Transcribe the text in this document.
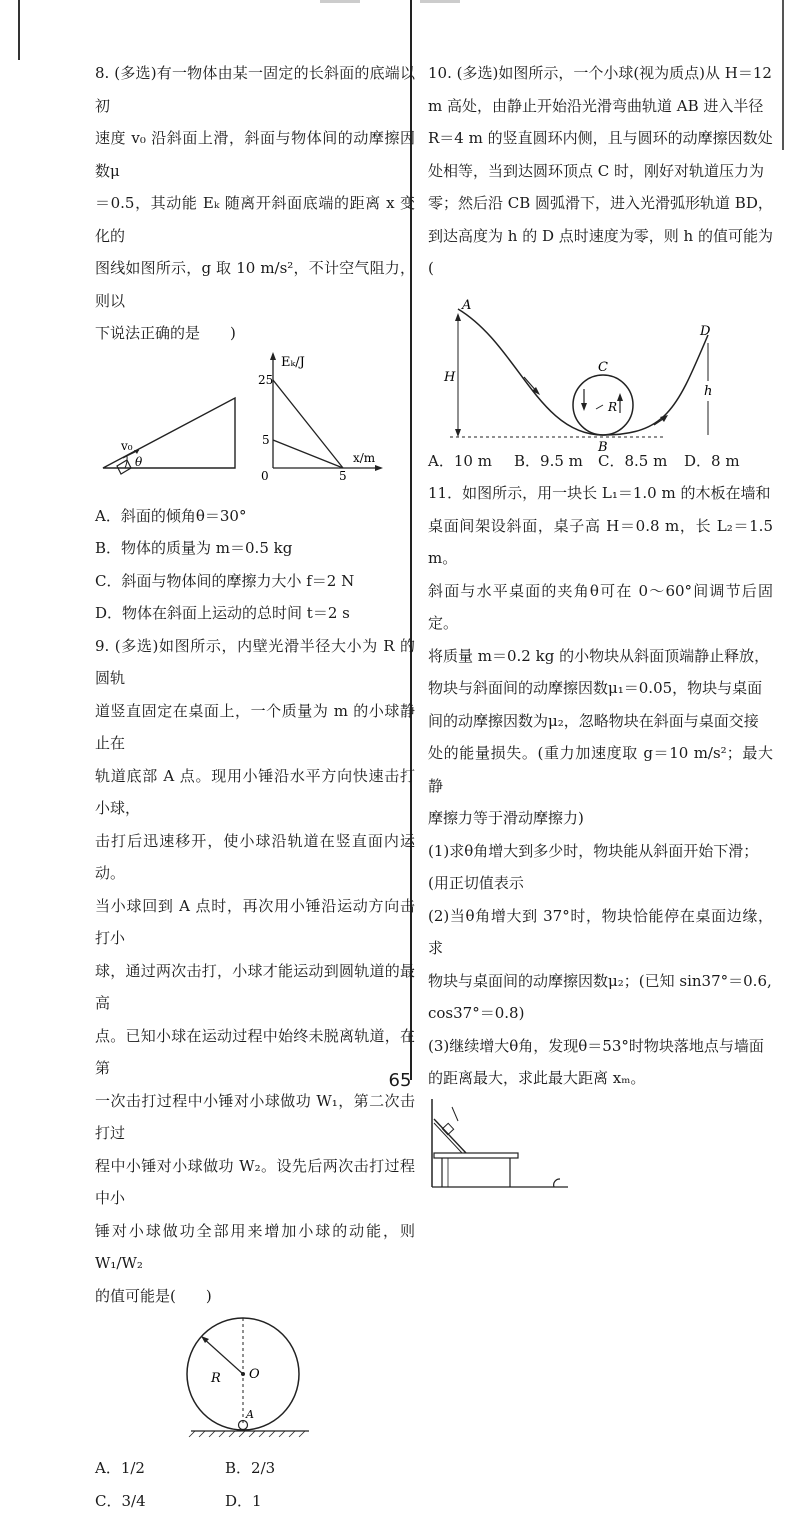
8. (多选)有一物体由某一固定的长斜面的底端以初

速度 v₀ 沿斜面上滑，斜面与物体间的动摩擦因数μ

＝0.5，其动能 Eₖ 随离开斜面底端的距离 x 变化的

图线如图所示，g 取 10 m/s²，不计空气阻力，则以

下说法正确的是　　)

v₀
θ
Eₖ/J
x/m
25
5
0	5

A．斜面的倾角θ＝30°

B．物体的质量为 m＝0.5 kg

C．斜面与物体间的摩擦力大小 f＝2 N

D．物体在斜面上运动的总时间 t＝2 s

9. (多选)如图所示，内壁光滑半径大小为 R 的圆轨

道竖直固定在桌面上，一个质量为 m 的小球静止在

轨道底部 A 点。现用小锤沿水平方向快速击打小球，

击打后迅速移开，使小球沿轨道在竖直面内运动。

当小球回到 A 点时，再次用小锤沿运动方向击打小

球，通过两次击打，小球才能运动到圆轨道的最高

点。已知小球在运动过程中始终未脱离轨道，在第

一次击打过程中小锤对小球做功 W₁，第二次击打过

程中小锤对小球做功 W₂。设先后两次击打过程中小

锤对小球做功全部用来增加小球的动能，则 W₁/W₂

的值可能是(　　)

R O
A
A．1/2	B．2/3
C．3/4	D．1

10. (多选)如图所示，一个小球(视为质点)从 H＝12

m 高处，由静止开始沿光滑弯曲轨道 AB 进入半径

R＝4 m 的竖直圆环内侧，且与圆环的动摩擦因数处

处相等，当到达圆环顶点 C 时，刚好对轨道压力为

零；然后沿 CB 圆弧滑下，进入光滑弧形轨道 BD，

到达高度为 h 的 D 点时速度为零，则 h 的值可能为

(

A
H
C
R
B
D
h
A．10 m	B．9.5 m	C．8.5 m	D．8 m

11．如图所示，用一块长 L₁＝1.0 m 的木板在墙和

桌面间架设斜面，桌子高 H＝0.8 m，长 L₂＝1.5 m。

斜面与水平桌面的夹角θ可在 0～60°间调节后固定。

将质量 m＝0.2 kg 的小物块从斜面顶端静止释放，

物块与斜面间的动摩擦因数μ₁＝0.05，物块与桌面

间的动摩擦因数为μ₂，忽略物块在斜面与桌面交接

处的能量损失。(重力加速度取 g＝10 m/s²；最大静

摩擦力等于滑动摩擦力)

(1)求θ角增大到多少时，物块能从斜面开始下滑；

(用正切值表示

(2)当θ角增大到 37°时，物块恰能停在桌面边缘，求

物块与桌面间的动摩擦因数μ₂；(已知 sin37°＝0.6,

cos37°＝0.8)

(3)继续增大θ角，发现θ＝53°时物块落地点与墙面

的距离最大，求此最大距离 xₘ。

65
